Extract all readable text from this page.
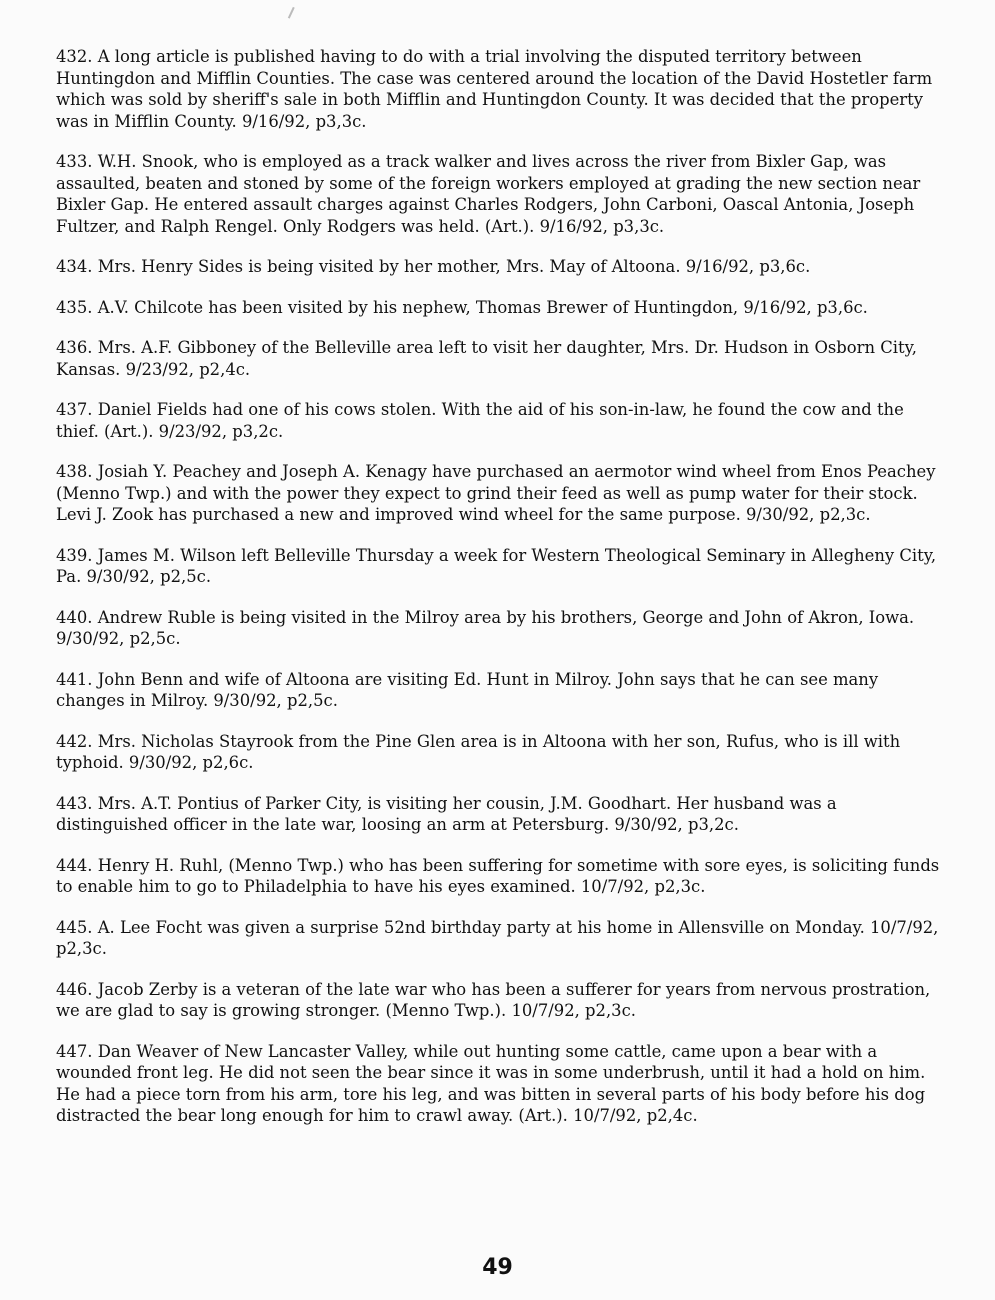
432. A long article is published having to do with a trial involving the disputed territory between Huntingdon and Mifflin Counties. The case was centered around the location of the David Hostetler farm which was sold by sheriff's sale in both Mifflin and Huntingdon County. It was decided that the property was in Mifflin County. 9/16/92, p3,3c.

433. W.H. Snook, who is employed as a track walker and lives across the river from Bixler Gap, was assaulted, beaten and stoned by some of the foreign workers employed at grading the new section near Bixler Gap. He entered assault charges against Charles Rodgers, John Carboni, Oascal Antonia, Joseph Fultzer, and Ralph Rengel. Only Rodgers was held. (Art.). 9/16/92, p3,3c.

434. Mrs. Henry Sides is being visited by her mother, Mrs. May of Altoona. 9/16/92, p3,6c.

435. A.V. Chilcote has been visited by his nephew, Thomas Brewer of Huntingdon, 9/16/92, p3,6c.

436. Mrs. A.F. Gibboney of the Belleville area left to visit her daughter, Mrs. Dr. Hudson in Osborn City, Kansas. 9/23/92, p2,4c.

437. Daniel Fields had one of his cows stolen. With the aid of his son-in-law, he found the cow and the thief. (Art.). 9/23/92, p3,2c.

438. Josiah Y. Peachey and Joseph A. Kenagy have purchased an aermotor wind wheel from Enos Peachey (Menno Twp.) and with the power they expect to grind their feed as well as pump water for their stock. Levi J. Zook has purchased a new and improved wind wheel for the same purpose. 9/30/92, p2,3c.

439. James M. Wilson left Belleville Thursday a week for Western Theological Seminary in Allegheny City, Pa. 9/30/92, p2,5c.

440. Andrew Ruble is being visited in the Milroy area by his brothers, George and John of Akron, Iowa. 9/30/92, p2,5c.

441. John Benn and wife of Altoona are visiting Ed. Hunt in Milroy. John says that he can see many changes in Milroy. 9/30/92, p2,5c.

442. Mrs. Nicholas Stayrook from the Pine Glen area is in Altoona with her son, Rufus, who is ill with typhoid. 9/30/92, p2,6c.

443. Mrs. A.T. Pontius of Parker City, is visiting her cousin, J.M. Goodhart. Her husband was a distinguished officer in the late war, loosing an arm at Petersburg. 9/30/92, p3,2c.

444. Henry H. Ruhl, (Menno Twp.) who has been suffering for sometime with sore eyes, is soliciting funds to enable him to go to Philadelphia to have his eyes examined. 10/7/92, p2,3c.

445. A. Lee Focht was given a surprise 52nd birthday party at his home in Allensville on Monday. 10/7/92, p2,3c.

446. Jacob Zerby is a veteran of the late war who has been a sufferer for years from nervous prostration, we are glad to say is growing stronger. (Menno Twp.). 10/7/92, p2,3c.

447. Dan Weaver of New Lancaster Valley, while out hunting some cattle, came upon a bear with a wounded front leg. He did not seen the bear since it was in some underbrush, until it had a hold on him. He had a piece torn from his arm, tore his leg, and was bitten in several parts of his body before his dog distracted the bear long enough for him to crawl away. (Art.). 10/7/92, p2,4c.

49
